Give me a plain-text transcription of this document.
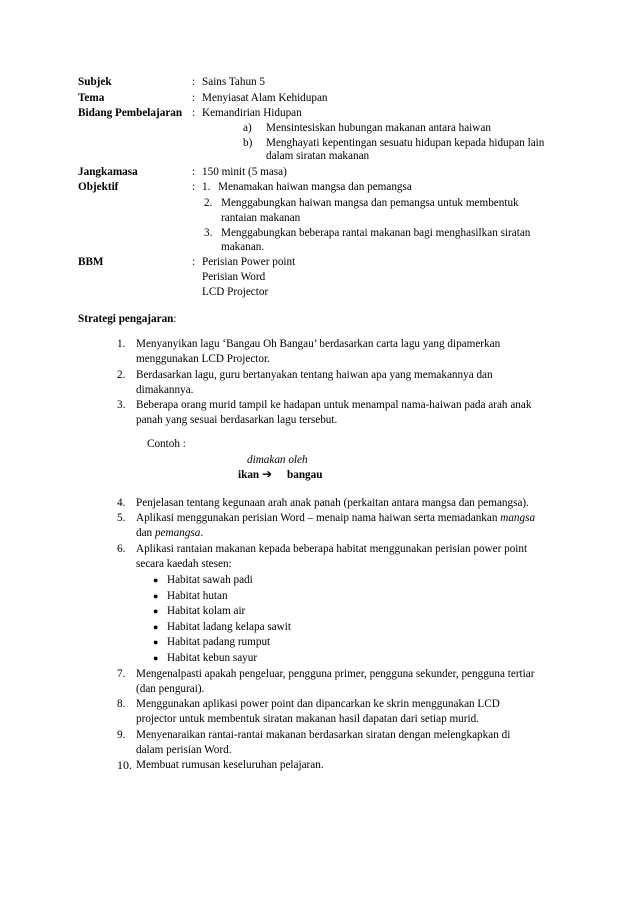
Subjek	: Sains Tahun 5
Tema	: Menyiasat Alam Kehidupan
Bidang Pembelajaran : Kemandirian Hidupan
a) Mensintesiskan hubungan makanan antara haiwan
b) Menghayati kepentingan sesuatu hidupan kepada hidupan lain
dalam siratan makanan
Jangkamasa	: 150 minit (5 masa)
Objektif	: 1. Menamakan haiwan mangsa dan pemangsa
2. Menggabungkan haiwan mangsa dan pemangsa untuk membentuk
rantaian makanan
3. Menggabungkan beberapa rantai makanan bagi menghasilkan siratan
makanan.
BBM	: Perisian Power point
Perisian Word
LCD Projector
Strategi pengajaran:
1. Menyanyikan lagu ‘Bangau Oh Bangau’ berdasarkan carta lagu yang dipamerkan
menggunakan LCD Projector.
2. Berdasarkan lagu, guru bertanyakan tentang haiwan apa yang memakannya dan
dimakannya.
3. Beberapa orang murid tampil ke hadapan untuk menampal nama-haiwan pada arah anak
panah yang sesuai berdasarkan lagu tersebut.
Contoh :
dimakan oleh
ikan ➔ bangau
4. Penjelasan tentang kegunaan arah anak panah (perkaitan antara mangsa dan pemangsa).
5. Aplikasi menggunakan perisian Word – menaip nama haiwan serta memadankan mangsa
dan pemangsa.
6. Aplikasi rantaian makanan kepada beberapa habitat menggunakan perisian power point
secara kaedah stesen:
● Habitat sawah padi
● Habitat hutan
● Habitat kolam air
● Habitat ladang kelapa sawit
● Habitat padang rumput
● Habitat kebun sayur
7. Mengenalpasti apakah pengeluar, pengguna primer, pengguna sekunder, pengguna tertiar
(dan pengurai).
8. Menggunakan aplikasi power point dan dipancarkan ke skrin menggunakan LCD
projector untuk membentuk siratan makanan hasil dapatan dari setiap murid.
9. Menyenaraikan rantai-rantai makanan berdasarkan siratan dengan melengkapkan di
dalam perisian Word.
10. Membuat rumusan keseluruhan pelajaran.
